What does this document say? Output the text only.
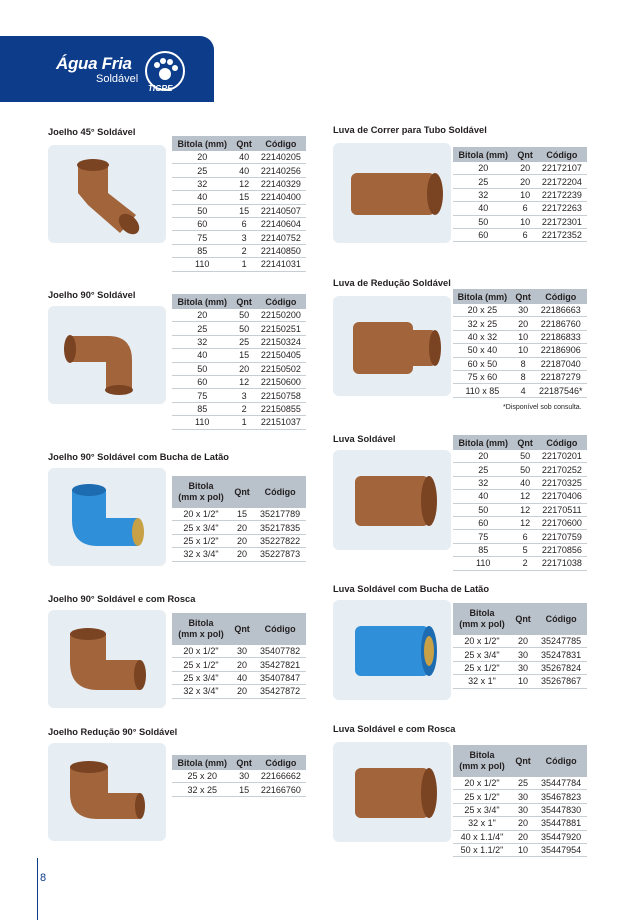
Água Fria
Soldável
TIGRE
Joelho 45° Soldável
Joelho 90° Soldável
Joelho 90° Soldável com Bucha de Latão
Joelho 90° Soldável e com Rosca
Joelho Redução 90° Soldável
Luva de Correr para Tubo Soldável
Luva de Redução Soldável
Luva Soldável
Luva Soldável com Bucha de Latão
Luva Soldável e com Rosca
Bitola (mm)	Qnt	Código
20	40	22140205
25	40	22140256
32	12	22140329
40	15	22140400
50	15	22140507
60	6	22140604
75	3	22140752
85	2	22140850
110	1	22141031
Bitola (mm)	Qnt	Código
20	50	22150200
25	50	22150251
32	25	22150324
40	15	22150405
50	20	22150502
60	12	22150600
75	3	22150758
85	2	22150855
110	1	22151037
Bitola
(mm x pol)	Qnt	Código
20 x 1/2"	15	35217789
25 x 3/4"	20	35217835
25 x 1/2"	20	35227822
32 x 3/4"	20	35227873
Bitola
(mm x pol)	Qnt	Código
20 x 1/2"	30	35407782
25 x 1/2"	20	35427821
25 x 3/4"	40	35407847
32 x 3/4"	20	35427872
Bitola (mm)	Qnt	Código
25 x 20	30	22166662
32 x 25	15	22166760
Bitola (mm)	Qnt	Código
20	20	22172107
25	20	22172204
32	10	22172239
40	6	22172263
50	10	22172301
60	6	22172352
Bitola (mm)	Qnt	Código
20 x 25	30	22186663
32 x 25	20	22186760
40 x 32	10	22186833
50 x 40	10	22186906
60 x 50	8	22187040
75 x 60	8	22187279
110 x 85	4	22187546*
Bitola (mm)	Qnt	Código
20	50	22170201
25	50	22170252
32	40	22170325
40	12	22170406
50	12	22170511
60	12	22170600
75	6	22170759
85	5	22170856
110	2	22171038
Bitola
(mm x pol)	Qnt	Código
20 x 1/2"	20	35247785
25 x 3/4"	30	35247831
25 x 1/2"	30	35267824
32 x 1"	10	35267867
Bitola
(mm x pol)	Qnt	Código
20 x 1/2"	25	35447784
25 x 1/2"	30	35467823
25 x 3/4"	30	35447830
32 x 1"	20	35447881
40 x 1.1/4"	20	35447920
50 x 1.1/2"	10	35447954
*Disponível sob consulta.
8
